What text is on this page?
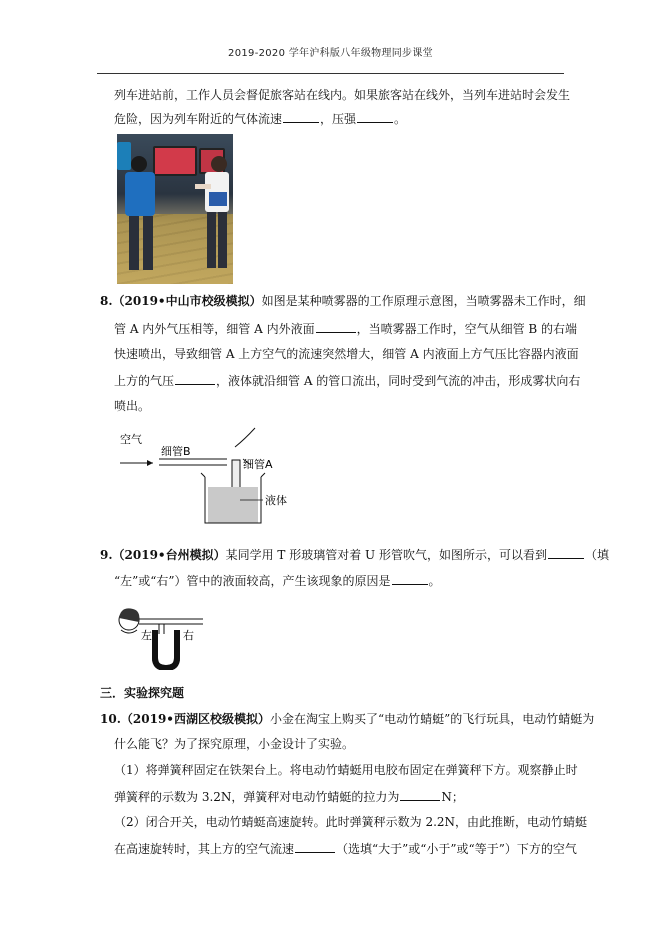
2019-2020 学年沪科版八年级物理同步课堂
列车进站前，工作人员会督促旅客站在线内。如果旅客站在线外，当列车进站时会发生
危险，因为列车附近的气体流速	，压强	。
8.（2019•中山市校级模拟）如图是某种喷雾器的工作原理示意图，当喷雾器未工作时，细
管 A 内外气压相等，细管 A 内外液面	，当喷雾器工作时，空气从细管 B 的右端
快速喷出，导致细管 A 上方空气的流速突然增大，细管 A 内液面上方气压比容器内液面
上方的气压	，液体就沿细管 A 的管口流出，同时受到气流的冲击，形成雾状向右
喷出。
空气
细管B
细管A
液体
9.（2019•台州模拟）某同学用 T 形玻璃管对着 U 形管吹气，如图所示，可以看到	（填
“左”或“右”）管中的液面较高，产生该现象的原因是	。
左	右
三．实验探究题
10.（2019•西湖区校级模拟）小金在淘宝上购买了“电动竹蜻蜓”的飞行玩具，电动竹蜻蜓为
什么能飞？为了探究原理，小金设计了实验。
（1）将弹簧秤固定在铁架台上。将电动竹蜻蜓用电胶布固定在弹簧秤下方。观察静止时
弹簧秤的示数为 3.2N，弹簧秤对电动竹蜻蜓的拉力为	N；
（2）闭合开关，电动竹蜻蜓高速旋转。此时弹簧秤示数为 2.2N，由此推断，电动竹蜻蜓
在高速旋转时，其上方的空气流速	（选填“大于”或“小于”或“等于”）下方的空气
